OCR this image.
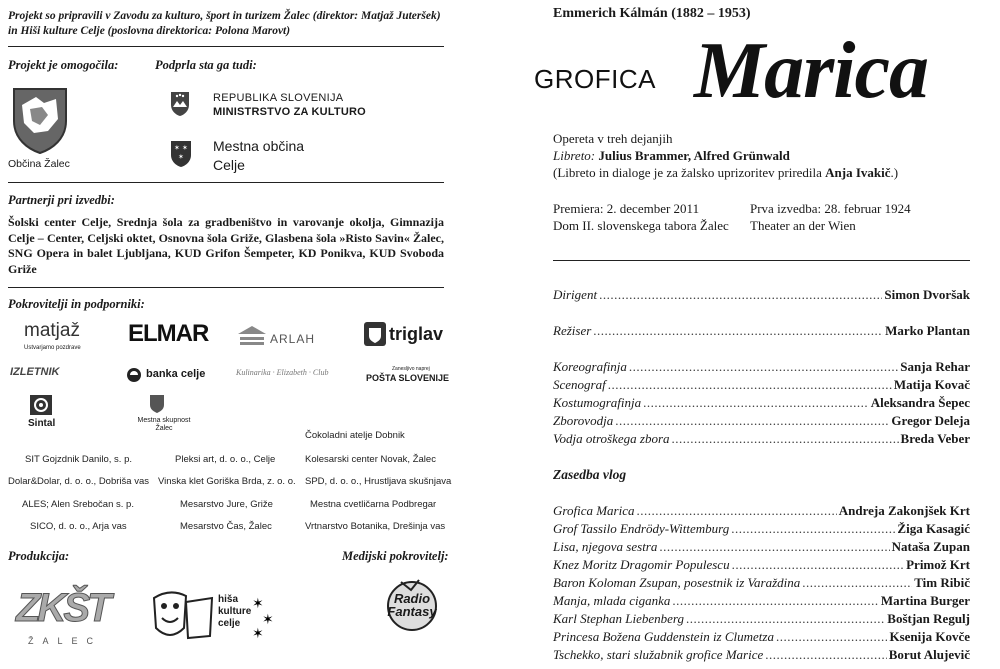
Projekt so pripravili v Zavodu za kulturo, šport in turizem Žalec (direktor: Matjaž Juteršek) in Hiši kulture Celje (poslovna direktorica: Polona Marovt)
Projekt je omogočila:	Podprla sta ga tudi:
Občina Žalec
REPUBLIKA SLOVENIJA
MINISTRSTVO ZA KULTURO
✶ ✶
✶
Mestna občina
Celje
Partnerji pri izvedbi:
Šolski center Celje, Srednja šola za gradbeništvo in varovanje okolja, Gimnazija Celje – Center, Celjski oktet, Osnovna šola Griže, Glasbena šola »Risto Savin« Žalec, SNG Opera in balet Ljubljana, KUD Grifon Šempeter, KD Ponikva, KUD Svoboda Griže
Pokrovitelji in podporniki:
matjaž
Ustvarjamo pozdrave
ELMAR	ARLAH	triglav
IZLETNIK	banka celje	Kulinarika · Elizabeth · Club	Zanesljivo naprej
POŠTA SLOVENIJE
Sintal	Mestna skupnost Žalec
Čokoladni atelje Dobnik
SIT Gojzdnik Danilo, s. p.	Pleksi art, d. o. o., Celje	Kolesarski center Novak, Žalec
Dolar&Dolar, d. o. o., Dobriša vas Vinska klet Goriška Brda, z. o. o. SPD, d. o. o., Hrustljava skušnjava
ALES; Alen Srebočan s. p.	Mesarstvo Jure, Griže	Mestna cvetličarna Podbregar
SICO, d. o. o., Arja vas	Mesarstvo Čas, Žalec	Vrtnarstvo Botanika, Drešinja vas
Produkcija:	Medijski pokrovitelj:
ZKŠT
ŽALEC
hiša kulture celje
✶
✶
✶
Radio Fantasy
Emmerich Kálmán (1882 – 1953)
GROFICA Marica
Opereta v treh dejanjih
Libreto: Julius Brammer, Alfred Grünwald
(Libreto in dialoge je za žalsko uprizoritev priredila Anja Ivakič.)
Premiera: 2. december 2011
Dom II. slovenskega tabora Žalec
Prva izvedba: 28. februar 1924
Theater an der Wien
Dirigent .....	Simon Dvoršak
Režiser .....	Marko Plantan
Koreografinja .....	Sanja Rehar
Scenograf .....	Matija Kovač
Kostumografinja .....	Aleksandra Šepec
Zborovodja .....	Gregor Deleja
Vodja otroškega zbora .....	Breda Veber
Zasedba vlog
Grofica Marica .....	Andreja Zakonjšek Krt
Grof Tassilo Endrödy-Wittemburg .....	Žiga Kasagić
Lisa , njegova sestra .....	Nataša Zupan
Knez Moritz Dragomir Populescu .....	Primož Krt
Baron Koloman Zsupan , posestnik iz Varaždina .....	Tim Ribič
Manja , mlada ciganka .....	Martina Burger
Karl Stephan Liebenberg .....	Boštjan Regulj
Princesa Božena Guddenstein iz Clumetza .....	Ksenija Kovče
Tschekko , stari služabnik grofice Marice .....	Borut Alujevič
